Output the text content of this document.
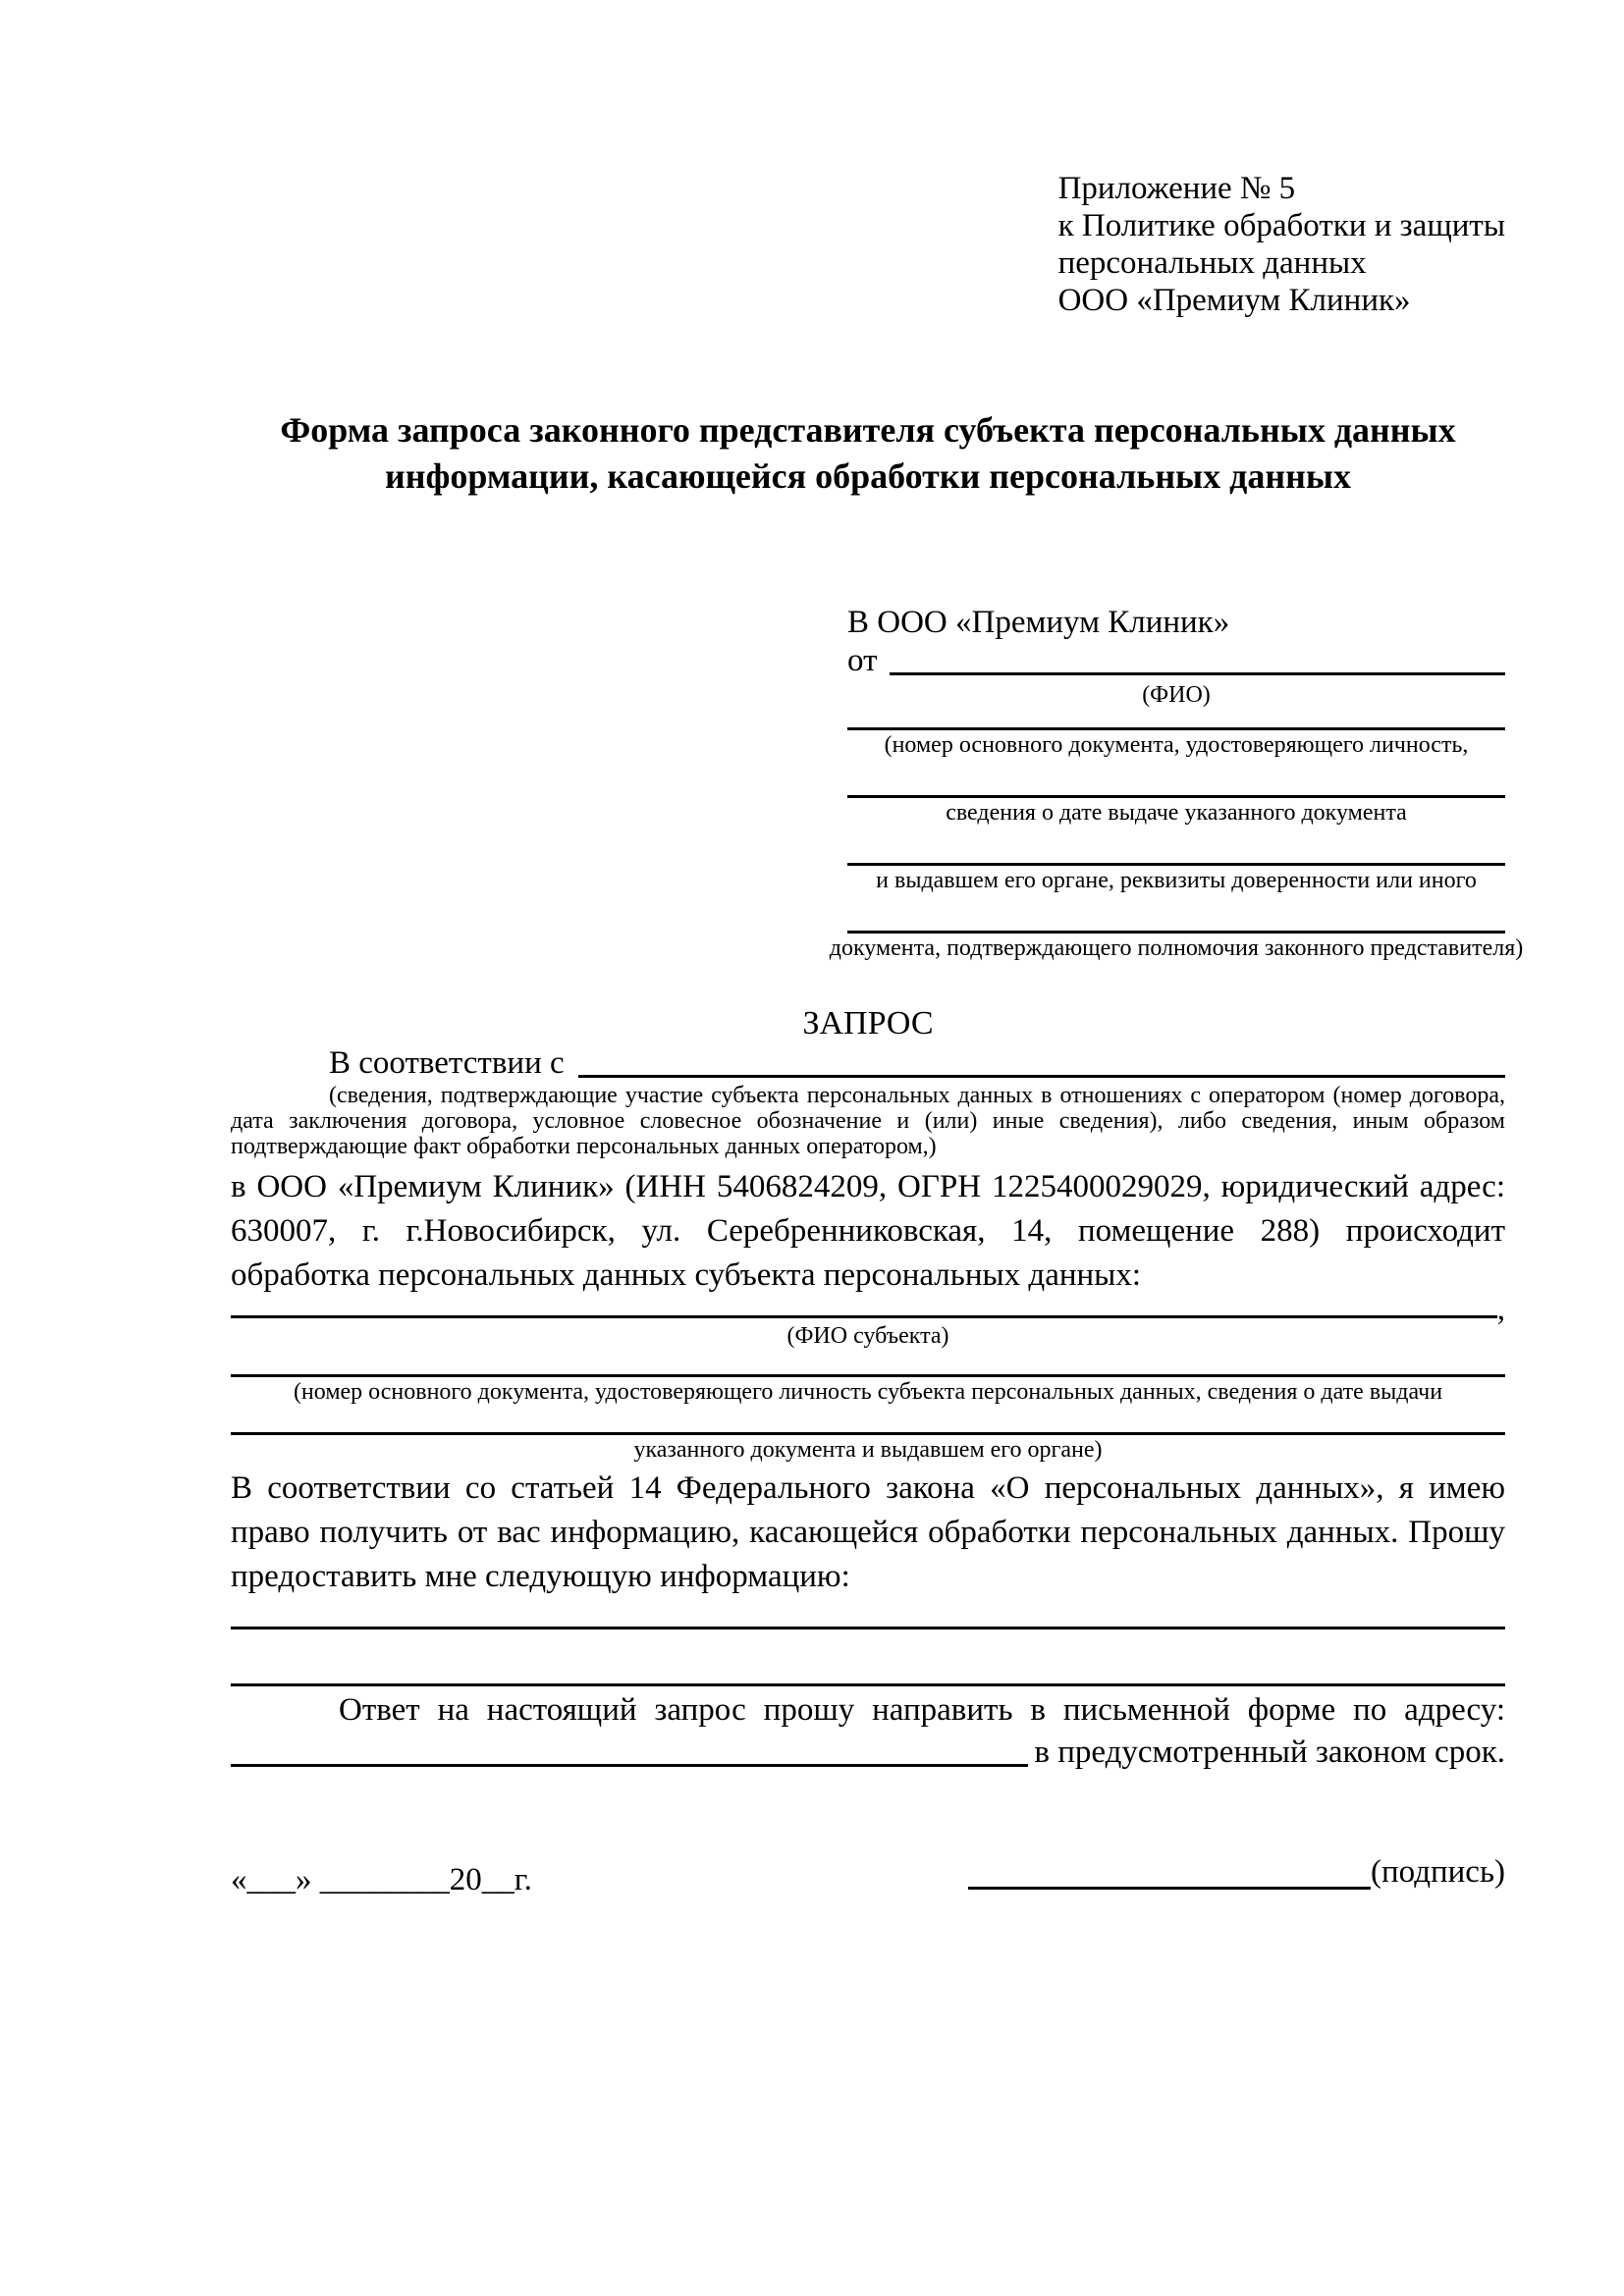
Приложение № 5
к Политике обработки и защиты
персональных данных
ООО «Премиум Клиник»
Форма запроса законного представителя субъекта персональных данных
информации, касающейся обработки персональных данных
В ООО «Премиум Клиник»
от
(ФИО)
(номер основного документа, удостоверяющего личность,
сведения о дате выдаче указанного документа
и выдавшем его органе, реквизиты доверенности или иного
документа, подтверждающего полномочия законного представителя)
ЗАПРОС
В соответствии с
(сведения, подтверждающие участие субъекта персональных данных в отношениях с оператором (номер договора, дата заключения договора, условное словесное обозначение и (или) иные сведения), либо сведения, иным образом подтверждающие факт обработки персональных данных оператором,)

в ООО «Премиум Клиник» (ИНН 5406824209, ОГРН 1225400029029, юридический адрес: 630007, г. г.Новосибирск, ул. Серебренниковская, 14, помещение 288) происходит обработка персональных данных субъекта персональных данных:

,
(ФИО субъекта)
(номер основного документа, удостоверяющего личность субъекта персональных данных, сведения о дате выдачи
указанного документа и выдавшем его органе)

В соответствии со статьей 14 Федерального закона «О персональных данных», я имею право получить от вас информацию, касающейся обработки персональных данных. Прошу предоставить мне следующую информацию:

Ответ на настоящий запрос прошу направить в письменной форме по адресу:
в предусмотренный законом срок.
«___» ________20__г.	(подпись)
